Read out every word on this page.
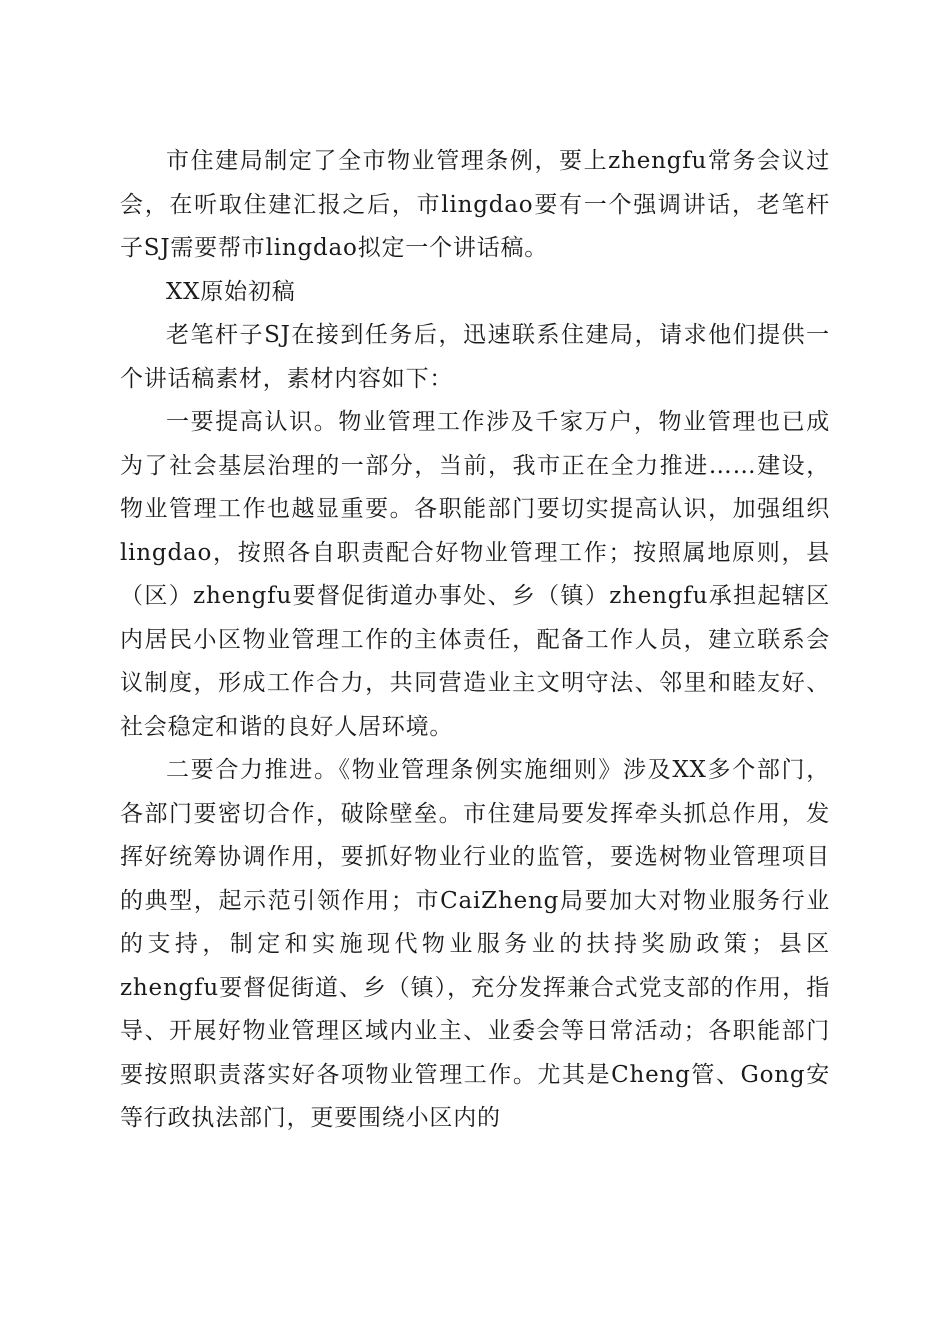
市住建局制定了全市物业管理条例，要上zhengfu常务会议过会，在听取住建汇报之后，市lingdao要有一个强调讲话，老笔杆子SJ需要帮市lingdao拟定一个讲话稿。

XX原始初稿

老笔杆子SJ在接到任务后，迅速联系住建局，请求他们提供一个讲话稿素材，素材内容如下：

一要提高认识。物业管理工作涉及千家万户，物业管理也已成为了社会基层治理的一部分，当前，我市正在全力推进……建设，物业管理工作也越显重要。各职能部门要切实提高认识，加强组织lingdao，按照各自职责配合好物业管理工作；按照属地原则，县（区）zhengfu要督促街道办事处、乡（镇）zhengfu承担起辖区内居民小区物业管理工作的主体责任，配备工作人员，建立联系会议制度，形成工作合力，共同营造业主文明守法、邻里和睦友好、社会稳定和谐的良好人居环境。

二要合力推进。《物业管理条例实施细则》涉及XX多个部门，各部门要密切合作，破除壁垒。市住建局要发挥牵头抓总作用，发挥好统筹协调作用，要抓好物业行业的监管，要选树物业管理项目的典型，起示范引领作用；市CaiZheng局要加大对物业服务行业的支持，制定和实施现代物业服务业的扶持奖励政策；县区zhengfu要督促街道、乡（镇），充分发挥兼合式党支部的作用，指导、开展好物业管理区域内业主、业委会等日常活动；各职能部门要按照职责落实好各项物业管理工作。尤其是Cheng管、Gong安等行政执法部门，更要围绕小区内的
